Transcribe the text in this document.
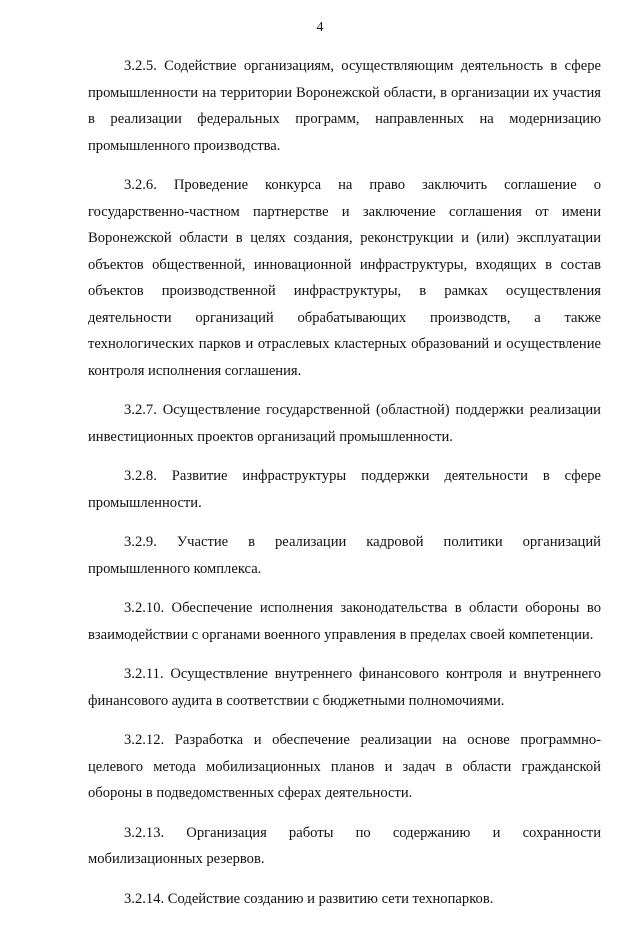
4

3.2.5. Содействие организациям, осуществляющим деятельность в сфере промышленности на территории Воронежской области, в организации их участия в реализации федеральных программ, направленных на модернизацию промышленного производства.

3.2.6. Проведение конкурса на право заключить соглашение о государственно-частном партнерстве и заключение соглашения от имени Воронежской области в целях создания, реконструкции и (или) эксплуатации объектов общественной, инновационной инфраструктуры, входящих в состав объектов производственной инфраструктуры, в рамках осуществления деятельности организаций обрабатывающих производств, а также технологических парков и отраслевых кластерных образований и осуществление контроля исполнения соглашения.

3.2.7. Осуществление государственной (областной) поддержки реализации инвестиционных проектов организаций промышленности.

3.2.8. Развитие инфраструктуры поддержки деятельности в сфере промышленности.

3.2.9. Участие в реализации кадровой политики организаций промышленного комплекса.

3.2.10. Обеспечение исполнения законодательства в области обороны во взаимодействии с органами военного управления в пределах своей компетенции.

3.2.11. Осуществление внутреннего финансового контроля и внутреннего финансового аудита в соответствии с бюджетными полномочиями.

3.2.12. Разработка и обеспечение реализации на основе программно-целевого метода мобилизационных планов и задач в области гражданской обороны в подведомственных сферах деятельности.

3.2.13. Организация работы по содержанию и сохранности мобилизационных резервов.

3.2.14. Содействие созданию и развитию сети технопарков.
